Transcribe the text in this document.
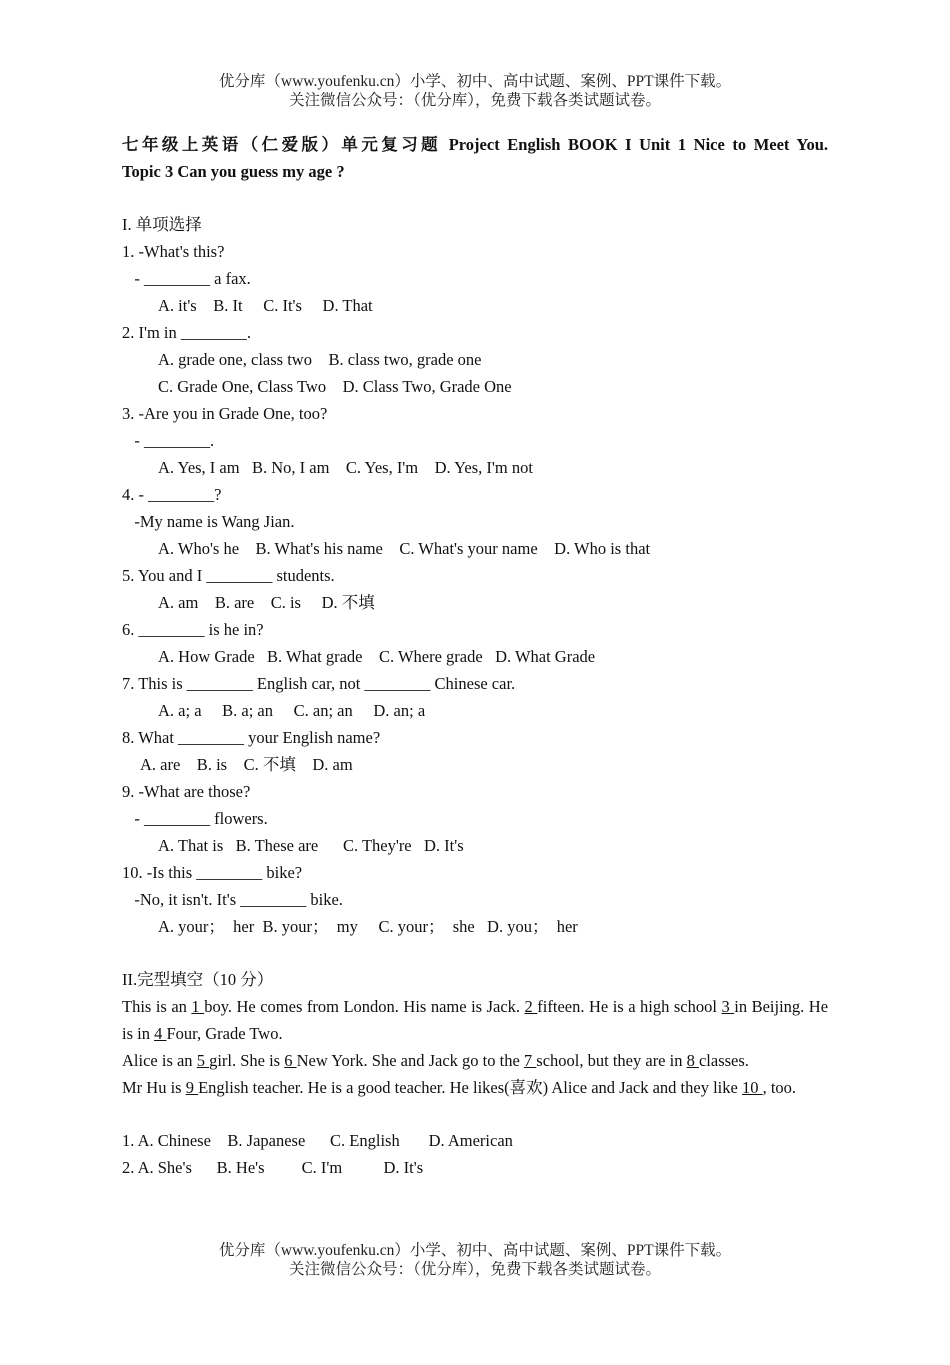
优分库（www.youfenku.cn）小学、初中、高中试题、案例、PPT课件下载。
关注微信公众号：（优分库），免费下载各类试题试卷。
七年级上英语（仁爱版）单元复习题 Project English BOOK I Unit 1 Nice to Meet You.
Topic 3 Can you guess my age ?
I. 单项选择
1. -What's this?
- ________ a fax.
A. it's    B. It     C. It's     D. That
2. I'm in ________.
A. grade one, class two    B. class two, grade one
C. Grade One, Class Two    D. Class Two, Grade One
3. -Are you in Grade One, too?
- ________.
A. Yes, I am   B. No, I am    C. Yes, I'm    D. Yes, I'm not
4. - ________?
-My name is Wang Jian.
A. Who's he    B. What's his name    C. What's your name    D. Who is that
5. You and I ________ students.
A. am    B. are    C. is     D. 不填
6. ________ is he in?
A. How Grade   B. What grade    C. Where grade   D. What Grade
7. This is ________ English car, not ________ Chinese car.
A. a; a     B. a; an     C. an; an     D. an; a
8. What ________ your English name?
A. are    B. is    C. 不填    D. am
9. -What are those?
- ________ flowers.
A. That is   B. These are      C. They're   D. It's
10. -Is this ________ bike?
-No, it isn't. It's ________ bike.
A. your；  her  B. your；  my     C. your；  she   D. you；  her
II.完型填空（10 分）
This is an 1 boy. He comes from London. His name is Jack. 2 fifteen. He is a high school 3 in Beijing. He is in 4 Four, Grade Two.
Alice is an 5 girl. She is 6 New York. She and Jack go to the 7 school, but they are in 8 classes.
Mr Hu is 9 English teacher. He is a good teacher. He likes(喜欢) Alice and Jack and they like 10 , too.
1. A. Chinese    B. Japanese      C. English       D. American
2. A. She's      B. He's         C. I'm          D. It's
优分库（www.youfenku.cn）小学、初中、高中试题、案例、PPT课件下载。
关注微信公众号：（优分库），免费下载各类试题试卷。
